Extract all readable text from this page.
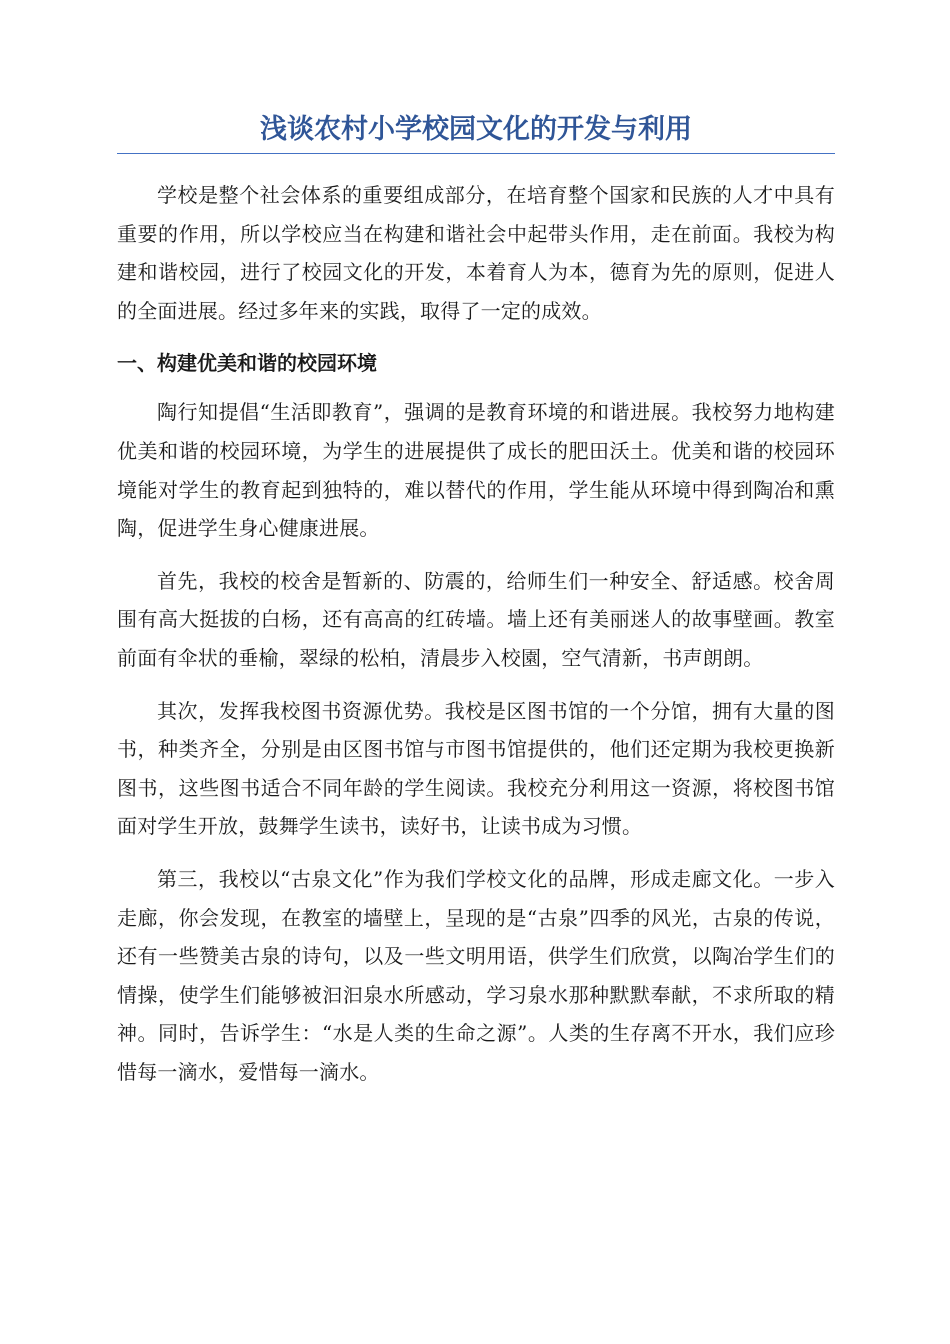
浅谈农村小学校园文化的开发与利用

学校是整个社会体系的重要组成部分，在培育整个国家和民族的人才中具有重要的作用，所以学校应当在构建和谐社会中起带头作用，走在前面。我校为构建和谐校园，进行了校园文化的开发，本着育人为本，德育为先的原则，促进人的全面进展。经过多年来的实践，取得了一定的成效。

一、构建优美和谐的校园环境

陶行知提倡“生活即教育”，强调的是教育环境的和谐进展。我校努力地构建优美和谐的校园环境，为学生的进展提供了成长的肥田沃土。优美和谐的校园环境能对学生的教育起到独特的，难以替代的作用，学生能从环境中得到陶冶和熏陶，促进学生身心健康进展。

首先，我校的校舍是暂新的、防震的，给师生们一种安全、舒适感。校舍周围有高大挺拔的白杨，还有高高的红砖墙。墙上还有美丽迷人的故事壁画。教室前面有伞状的垂榆，翠绿的松柏，清晨步入校園，空气清新，书声朗朗。

其次，发挥我校图书资源优势。我校是区图书馆的一个分馆，拥有大量的图书，种类齐全，分别是由区图书馆与市图书馆提供的，他们还定期为我校更换新图书，这些图书适合不同年龄的学生阅读。我校充分利用这一资源，将校图书馆面对学生开放，鼓舞学生读书，读好书，让读书成为习惯。

第三，我校以“古泉文化”作为我们学校文化的品牌，形成走廊文化。一步入走廊，你会发现，在教室的墙壁上，呈现的是“古泉”四季的风光，古泉的传说，还有一些赞美古泉的诗句，以及一些文明用语，供学生们欣赏，以陶冶学生们的情操，使学生们能够被汩汩泉水所感动，学习泉水那种默默奉献，不求所取的精神。同时，告诉学生：“水是人类的生命之源”。人类的生存离不开水，我们应珍惜每一滴水，爱惜每一滴水。
